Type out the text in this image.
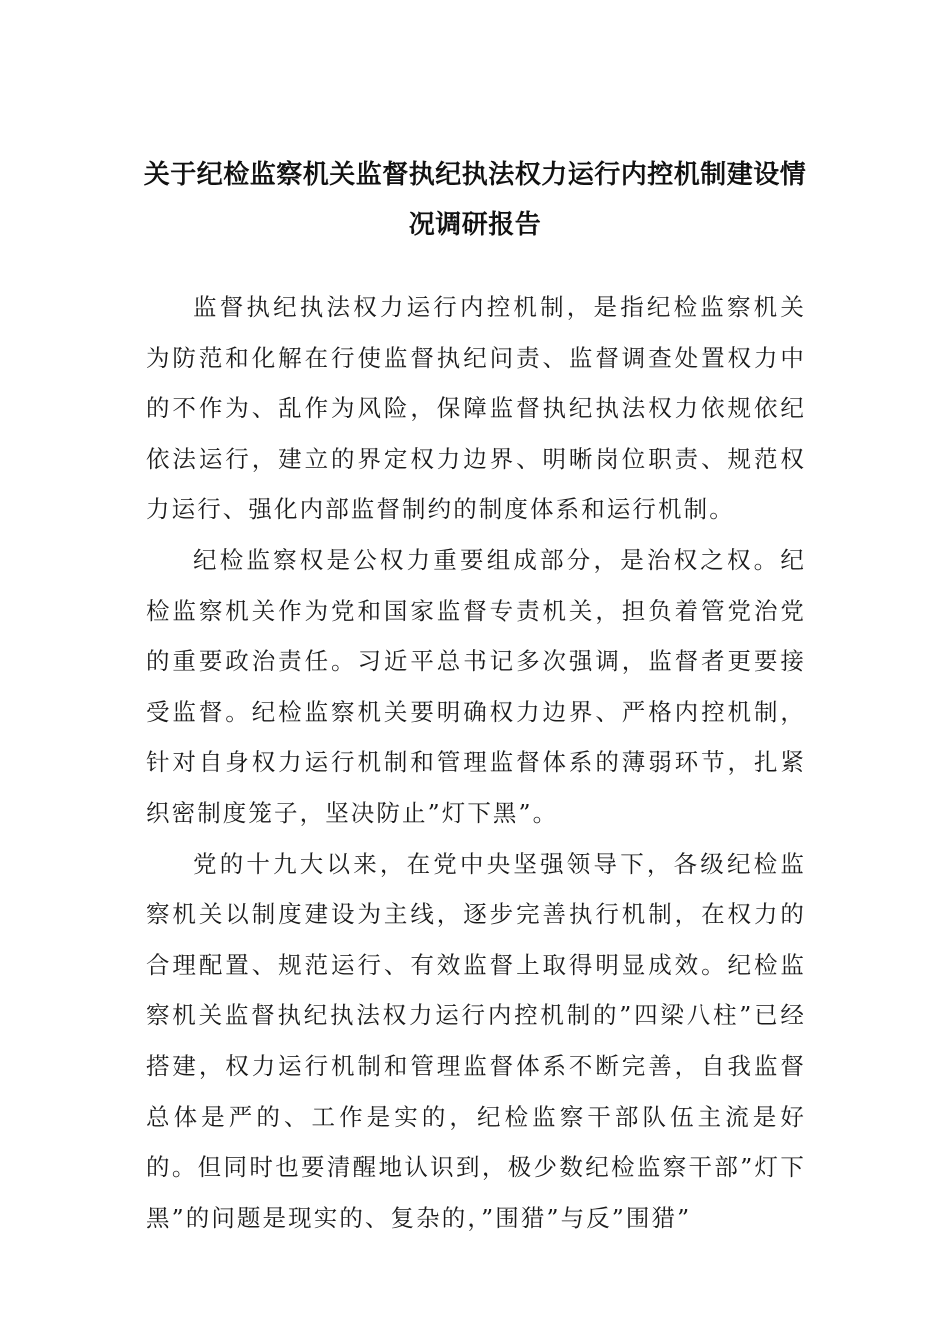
关于纪检监察机关监督执纪执法权力运行内控机制建设情
况调研报告

监督执纪执法权力运行内控机制，是指纪检监察机关为防范和化解在行使监督执纪问责、监督调查处置权力中的不作为、乱作为风险，保障监督执纪执法权力依规依纪依法运行，建立的界定权力边界、明晰岗位职责、规范权力运行、强化内部监督制约的制度体系和运行机制。

纪检监察权是公权力重要组成部分，是治权之权。纪检监察机关作为党和国家监督专责机关，担负着管党治党的重要政治责任。习近平总书记多次强调，监督者更要接受监督。纪检监察机关要明确权力边界、严格内控机制，针对自身权力运行机制和管理监督体系的薄弱环节，扎紧织密制度笼子，坚决防止”灯下黑”。

党的十九大以来，在党中央坚强领导下，各级纪检监察机关以制度建设为主线，逐步完善执行机制，在权力的合理配置、规范运行、有效监督上取得明显成效。纪检监察机关监督执纪执法权力运行内控机制的”四梁八柱”已经搭建，权力运行机制和管理监督体系不断完善，自我监督总体是严的、工作是实的，纪检监察干部队伍主流是好的。但同时也要清醒地认识到，极少数纪检监察干部”灯下黑”的问题是现实的、复杂的，”围猎”与反”围猎”
